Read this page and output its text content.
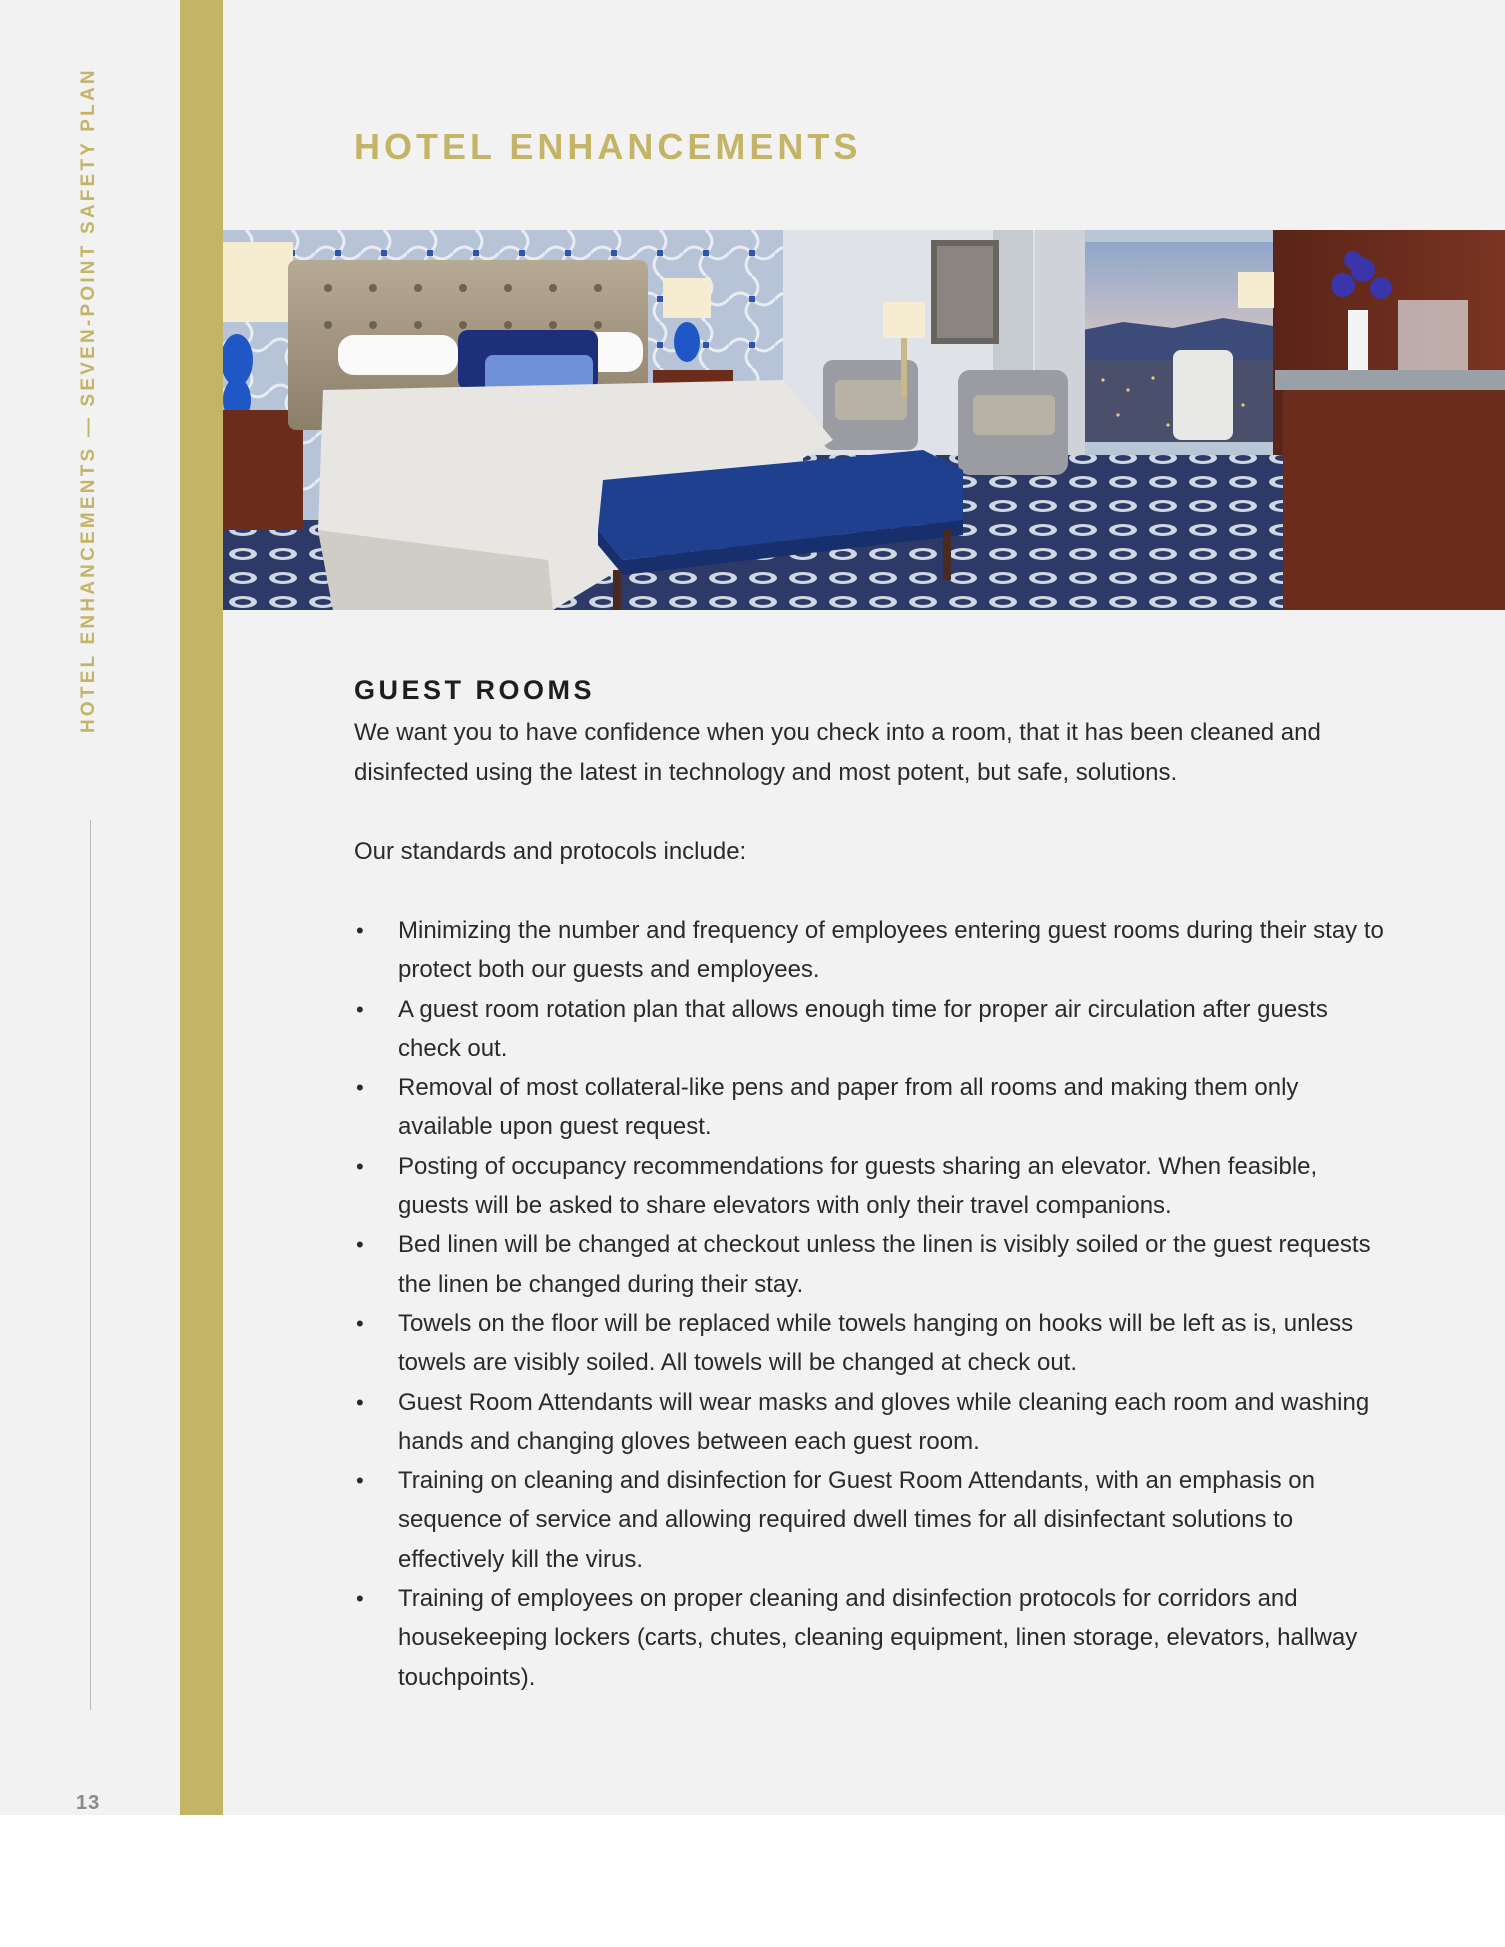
HOTEL ENHANCEMENTS — SEVEN-POINT SAFETY PLAN
13
HOTEL ENHANCEMENTS
GUEST ROOMS

We want you to have confidence when you check into a room, that it has been cleaned and disinfected using the latest in technology and most potent, but safe, solutions.

Our standards and protocols include:

• Minimizing the number and frequency of employees entering guest rooms during their stay to protect both our guests and employees.
• A guest room rotation plan that allows enough time for proper air circulation after guests check out.
• Removal of most collateral-like pens and paper from all rooms and making them only available upon guest request.
• Posting of occupancy recommendations for guests sharing an elevator. When feasible, guests will be asked to share elevators with only their travel companions.
• Bed linen will be changed at checkout unless the linen is visibly soiled or the guest requests the linen be changed during their stay.
• Towels on the floor will be replaced while towels hanging on hooks will be left as is, unless towels are visibly soiled. All towels will be changed at check out.
• Guest Room Attendants will wear masks and gloves while cleaning each room and washing hands and changing gloves between each guest room.
• Training on cleaning and disinfection for Guest Room Attendants, with an emphasis on sequence of service and allowing required dwell times for all disinfectant solutions to effectively kill the virus.
• Training of employees on proper cleaning and disinfection protocols for corridors and housekeeping lockers (carts, chutes, cleaning equipment, linen storage, elevators, hallway touchpoints).
